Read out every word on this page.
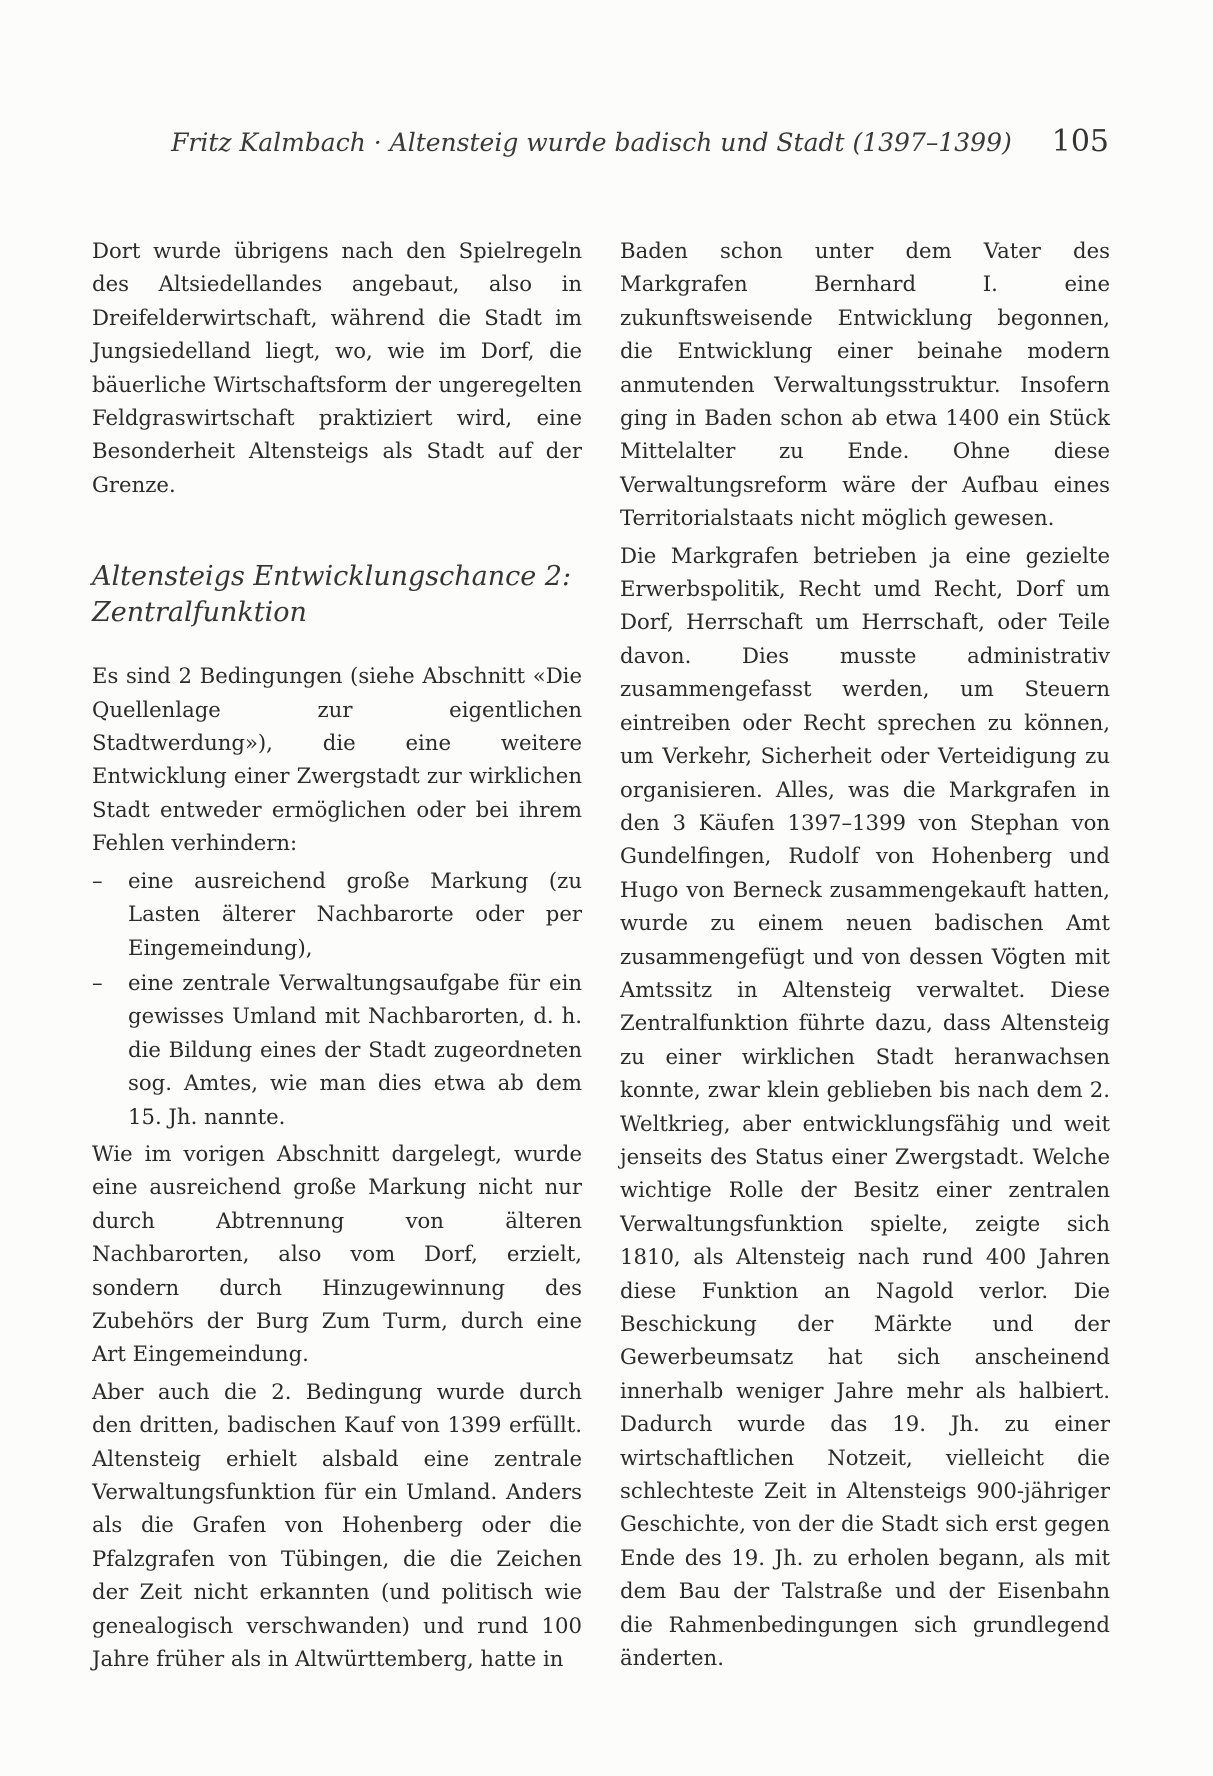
Fritz Kalmbach · Altensteig wurde badisch und Stadt (1397–1399) 105

Dort wurde übrigens nach den Spielregeln des Altsiedellandes angebaut, also in Dreifelderwirtschaft, während die Stadt im Jungsiedelland liegt, wo, wie im Dorf, die bäuerliche Wirtschaftsform der ungeregelten Feldgraswirtschaft praktiziert wird, eine Besonderheit Altensteigs als Stadt auf der Grenze.

Altensteigs Entwicklungschance 2:
Zentralfunktion

Es sind 2 Bedingungen (siehe Abschnitt «Die Quellenlage zur eigentlichen Stadtwerdung»), die eine weitere Entwicklung einer Zwergstadt zur wirklichen Stadt entweder ermöglichen oder bei ihrem Fehlen verhindern:

– eine ausreichend große Markung (zu Lasten älterer Nachbarorte oder per Eingemeindung),
– eine zentrale Verwaltungsaufgabe für ein gewisses Umland mit Nachbarorten, d. h. die Bildung eines der Stadt zugeordneten sog. Amtes, wie man dies etwa ab dem 15. Jh. nannte.

Wie im vorigen Abschnitt dargelegt, wurde eine ausreichend große Markung nicht nur durch Abtrennung von älteren Nachbarorten, also vom Dorf, erzielt, sondern durch Hinzugewinnung des Zubehörs der Burg Zum Turm, durch eine Art Eingemeindung.

Aber auch die 2. Bedingung wurde durch den dritten, badischen Kauf von 1399 erfüllt. Altensteig erhielt alsbald eine zentrale Verwaltungsfunktion für ein Umland. Anders als die Grafen von Hohenberg oder die Pfalzgrafen von Tübingen, die die Zeichen der Zeit nicht erkannten (und politisch wie genealogisch verschwanden) und rund 100 Jahre früher als in Altwürttemberg, hatte in

Baden schon unter dem Vater des Markgrafen Bernhard I. eine zukunftsweisende Entwicklung begonnen, die Entwicklung einer beinahe modern anmutenden Verwaltungsstruktur. Insofern ging in Baden schon ab etwa 1400 ein Stück Mittelalter zu Ende. Ohne diese Verwaltungsreform wäre der Aufbau eines Territorialstaats nicht möglich gewesen.

Die Markgrafen betrieben ja eine gezielte Erwerbspolitik, Recht umd Recht, Dorf um Dorf, Herrschaft um Herrschaft, oder Teile davon. Dies musste administrativ zusammengefasst werden, um Steuern eintreiben oder Recht sprechen zu können, um Verkehr, Sicherheit oder Verteidigung zu organisieren. Alles, was die Markgrafen in den 3 Käufen 1397–1399 von Stephan von Gundelfingen, Rudolf von Hohenberg und Hugo von Berneck zusammengekauft hatten, wurde zu einem neuen badischen Amt zusammengefügt und von dessen Vögten mit Amtssitz in Altensteig verwaltet. Diese Zentralfunktion führte dazu, dass Altensteig zu einer wirklichen Stadt heranwachsen konnte, zwar klein geblieben bis nach dem 2. Weltkrieg, aber entwicklungsfähig und weit jenseits des Status einer Zwergstadt. Welche wichtige Rolle der Besitz einer zentralen Verwaltungsfunktion spielte, zeigte sich 1810, als Altensteig nach rund 400 Jahren diese Funktion an Nagold verlor. Die Beschickung der Märkte und der Gewerbeumsatz hat sich anscheinend innerhalb weniger Jahre mehr als halbiert. Dadurch wurde das 19. Jh. zu einer wirtschaftlichen Notzeit, vielleicht die schlechteste Zeit in Altensteigs 900-jähriger Geschichte, von der die Stadt sich erst gegen Ende des 19. Jh. zu erholen begann, als mit dem Bau der Talstraße und der Eisenbahn die Rahmenbedingungen sich grundlegend änderten.
